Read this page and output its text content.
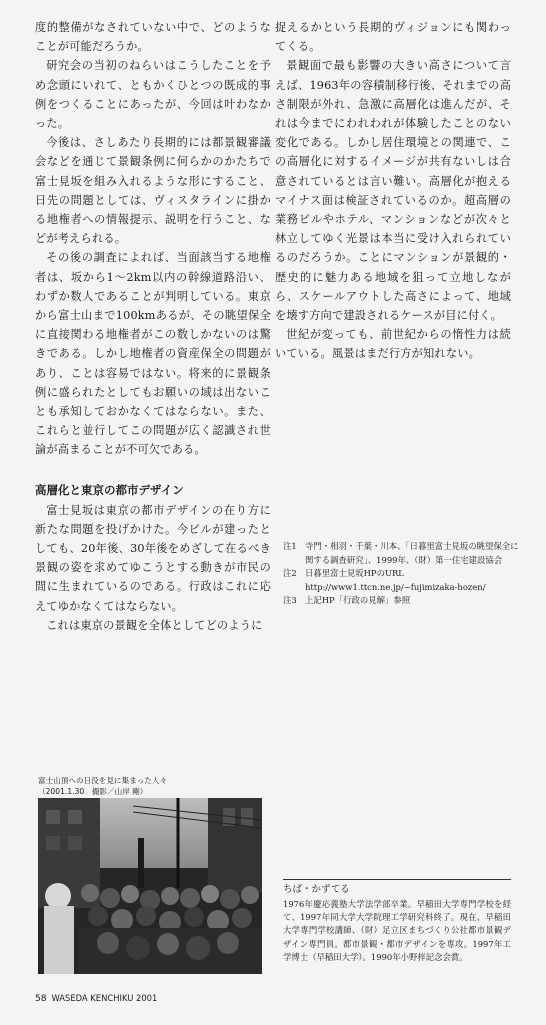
度的整備がなされていない中で、どのようなことが可能だろうか。

研究会の当初のねらいはこうしたことを予め念頭にいれて、ともかくひとつの既成的事例をつくることにあったが、今回は叶わなかった。

今後は、さしあたり長期的には都景観審議会などを通じて景観条例に何らかのかたちで富士見坂を組み入れるような形にすること、日先の問題としては、ヴィスタラインに掛かる地権者への情報提示、説明を行うこと、などが考えられる。

その後の調査によれば、当面該当する地権者は、坂から1～2km以内の幹線道路沿い、わずか数人であることが判明している。東京から富士山まで100kmあるが、その眺望保全に直接関わる地権者がこの数しかないのは驚きである。しかし地権者の資産保全の問題があり、ことは容易ではない。将来的に景観条例に盛られたとしてもお願いの域は出ないことも承知しておかなくてはならない。また、これらと並行してこの問題が広く認識され世論が高まることが不可欠である。

高層化と東京の都市デザイン

富士見坂は東京の都市デザインの在り方に新たな問題を投げかけた。今ビルが建ったとしても、20年後、30年後をめざして在るべき景観の姿を求めてゆこうとする動きが市民の間に生まれているのである。行政はこれに応えてゆかなくてはならない。

これは東京の景観を全体としてどのように

捉えるかという長期的ヴィジョンにも関わってくる。

景観面で最も影響の大きい高さについて言えば、1963年の容積制移行後、それまでの高さ制限が外れ、急激に高層化は進んだが、それは今までにわれわれが体験したことのない変化である。しかし居住環境との関連で、この高層化に対するイメージが共有ないしは合意されているとは言い難い。高層化が抱えるマイナス面は検証されているのか。超高層の業務ビルやホテル、マンションなどが次々と林立してゆく光景は本当に受け入れられているのだろうか。ことにマンションが景観的・歴史的に魅力ある地域を狙って立地しながら、スケールアウトした高さによって、地域を壊す方向で建設されるケースが目に付く。

世紀が変っても、前世紀からの惰性力は続いている。風景はまだ行方が知れない。

注1 寺門・相羽・千葉・川本、「日暮里富士見坂の眺望保全に関する調査研究」、1999年、（財）第一住宅建設協会
注2 日暮里富士見坂HPのURL
http://www1.ttcn.ne.jp/~fujimizaka-hozen/
注3 上記HP「行政の見解」参照
富士山頂への日没を見に集まった人々
（2001.1.30　撮影／山岸 剛）

ちば・かずてる

1976年慶応義塾大学法学部卒業。早稲田大学専門学校を経て、1997年同大学大学院理工学研究科終了。現在、早稲田大学専門学校講師、（財）足立区まちづくり公社都市景観デザイン専門員。都市景観・都市デザインを専攻。1997年工学博士（早稲田大学）。1990年小野梓記念会賞。

58 WASEDA KENCHIKU 2001
